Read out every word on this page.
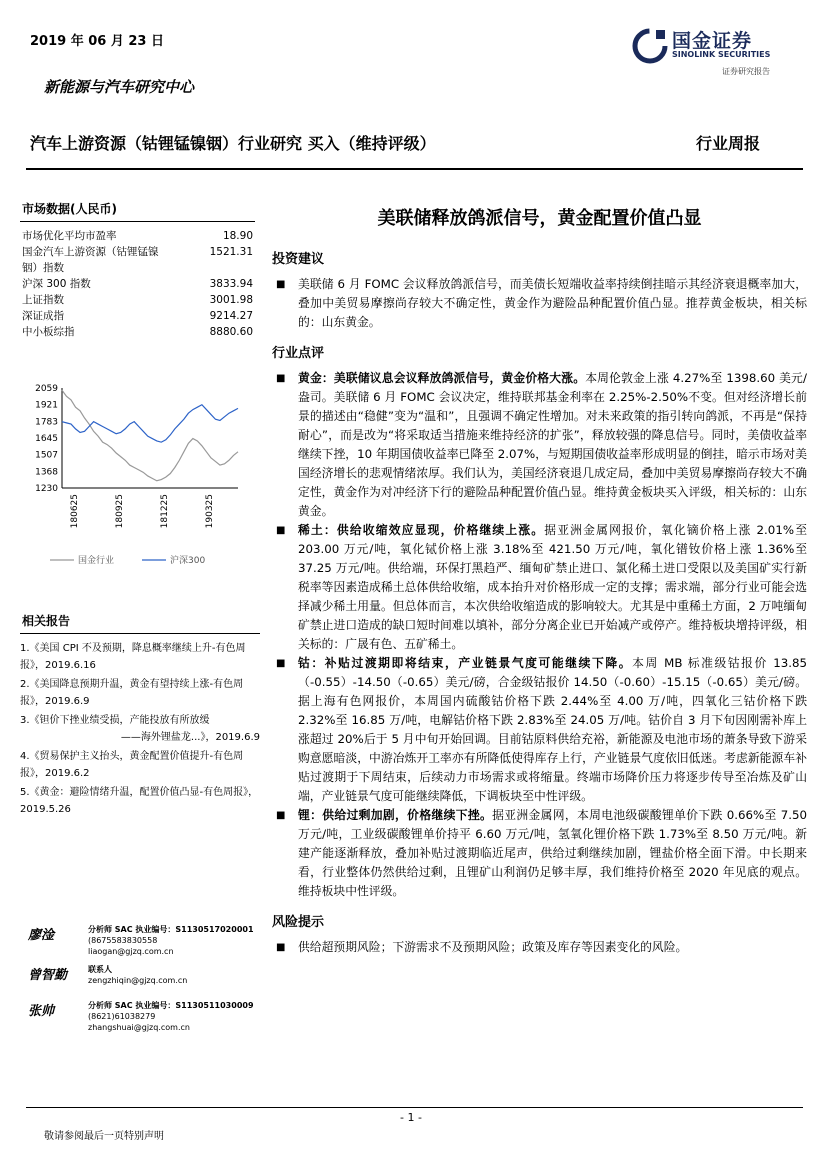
2019 年 06 月 23 日	国金证券
SINOLINK SECURITIES
证券研究报告
新能源与汽车研究中心
汽车上游资源（钴锂锰镍铟）行业研究 买入（维持评级）	行业周报
市场数据(人民币)
市场优化平均市盈率	18.90
国金汽车上游资源（钴锂锰镍铟）指数
1521.31
沪深 300 指数	3833.94
上证指数	3001.98
深证成指	9214.27
中小板综指	8880.60
2059
1921
1783
1645
1507
1368
1230
180625	180925	181225	190325
国金行业	沪深300
相关报告
1.《美国 CPI 不及预期，降息概率继续上升-有色周报》，2019.6.16
2.《美国降息预期升温，黄金有望持续上涨-有色周报》，2019.6.9
3.《钽价下挫业绩受损，产能投放有所放缓
——海外锂盐龙...》，2019.6.9
4.《贸易保护主义抬头，黄金配置价值提升-有色周报》，2019.6.2
5.《黄金：避险情绪升温，配置价值凸显-有色周报》，2019.5.26
廖淦	分析师 SAC 执业编号：S1130517020001
(8675583830558
liaogan@gjzq.com.cn
曾智勤	联系人
zengzhiqin@gjzq.com.cn
张帅	分析师 SAC 执业编号：S1130511030009
(8621)61038279
zhangshuai@gjzq.com.cn
美联储释放鸽派信号，黄金配置价值凸显
投资建议
■ 美联储 6 月 FOMC 会议释放鸽派信号，而美债长短端收益率持续倒挂暗示其经济衰退概率加大，叠加中美贸易摩擦尚存较大不确定性，黄金作为避险品种配置价值凸显。推荐黄金板块，相关标的：山东黄金。
行业点评
■ 黄金：美联储议息会议释放鸽派信号，黄金价格大涨。本周伦敦金上涨 4.27%至 1398.60 美元/盎司。美联储 6 月 FOMC 会议决定，维持联邦基金利率在 2.25%-2.50%不变。但对经济增长前景的描述由“稳健”变为“温和”，且强调不确定性增加。对未来政策的指引转向鸽派，不再是“保持耐心”，而是改为“将采取适当措施来维持经济的扩张”，释放较强的降息信号。同时，美债收益率继续下挫，10 年期国债收益率已降至 2.07%，与短期国债收益率形成明显的倒挂，暗示市场对美国经济增长的悲观情绪浓厚。我们认为，美国经济衰退几成定局，叠加中美贸易摩擦尚存较大不确定性，黄金作为对冲经济下行的避险品种配置价值凸显。维持黄金板块买入评级，相关标的：山东黄金。
■ 稀土：供给收缩效应显现，价格继续上涨。据亚洲金属网报价，氧化镝价格上涨 2.01%至 203.00 万元/吨，氧化铽价格上涨 3.18%至 421.50 万元/吨，氧化镨钕价格上涨 1.36%至 37.25 万元/吨。供给端，环保打黑趋严、缅甸矿禁止进口、氯化稀土进口受限以及美国矿实行新税率等因素造成稀土总体供给收缩，成本抬升对价格形成一定的支撑；需求端，部分行业可能会选择减少稀土用量。但总体而言，本次供给收缩造成的影响较大。尤其是中重稀土方面，2 万吨缅甸矿禁止进口造成的缺口短时间难以填补，部分分离企业已开始减产或停产。维持板块增持评级，相关标的：广晟有色、五矿稀土。
■ 钴：补贴过渡期即将结束，产业链景气度可能继续下降。本周 MB 标准级钴报价 13.85（-0.55）-14.50（-0.65）美元/磅，合金级钴报价 14.50（-0.60）-15.15（-0.65）美元/磅。据上海有色网报价，本周国内硫酸钴价格下跌 2.44%至 4.00 万/吨，四氧化三钴价格下跌 2.32%至 16.85 万/吨，电解钴价格下跌 2.83%至 24.05 万/吨。钴价自 3 月下旬因刚需补库上涨超过 20%后于 5 月中旬开始回调。目前钴原料供给充裕，新能源及电池市场的萧条导致下游采购意愿暗淡，中游冶炼开工率亦有所降低使得库存上行，产业链景气度依旧低迷。考虑新能源车补贴过渡期于下周结束，后续动力市场需求或将缩量。终端市场降价压力将逐步传导至冶炼及矿山端，产业链景气度可能继续降低，下调板块至中性评级。
■ 锂：供给过剩加剧，价格继续下挫。据亚洲金属网，本周电池级碳酸锂单价下跌 0.66%至 7.50 万元/吨，工业级碳酸锂单价持平 6.60 万元/吨，氢氧化锂价格下跌 1.73%至 8.50 万元/吨。新建产能逐渐释放，叠加补贴过渡期临近尾声，供给过剩继续加剧，锂盐价格全面下滑。中长期来看，行业整体仍然供给过剩，且锂矿山利润仍足够丰厚，我们维持价格至 2020 年见底的观点。维持板块中性评级。
风险提示
■ 供给超预期风险；下游需求不及预期风险；政策及库存等因素变化的风险。
- 1 -
敬请参阅最后一页特别声明
